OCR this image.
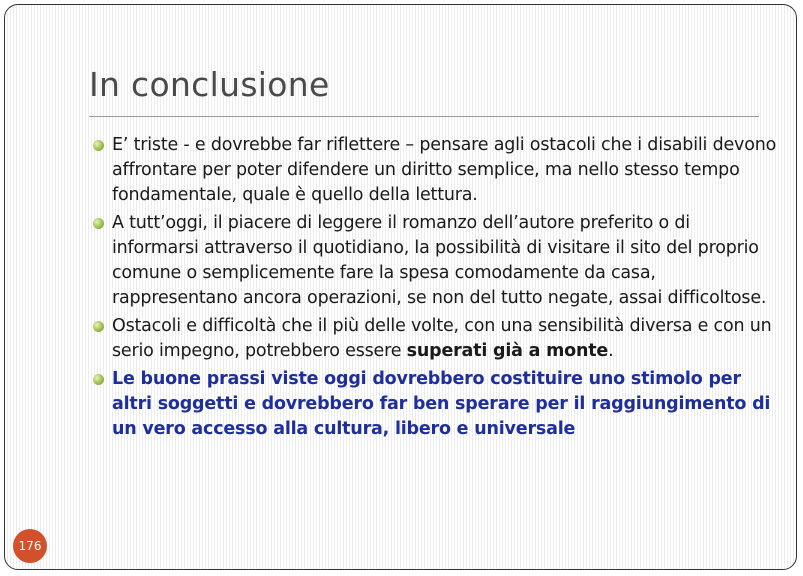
In conclusione
E’ triste - e dovrebbe far riflettere – pensare agli ostacoli che i disabili devono affrontare per poter difendere un diritto semplice, ma nello stesso tempo fondamentale, quale è quello della lettura.
A tutt’oggi, il piacere di leggere il romanzo dell’autore preferito o di informarsi attraverso il quotidiano, la possibilità di visitare il sito del proprio comune o semplicemente fare la spesa comodamente da casa, rappresentano ancora operazioni, se non del tutto negate, assai difficoltose.
Ostacoli e difficoltà che il più delle volte, con una sensibilità diversa e con un serio impegno, potrebbero essere superati già a monte.
Le buone prassi viste oggi dovrebbero costituire uno stimolo per altri soggetti e dovrebbero far ben sperare per il raggiungimento di un vero accesso alla cultura, libero e universale
176
